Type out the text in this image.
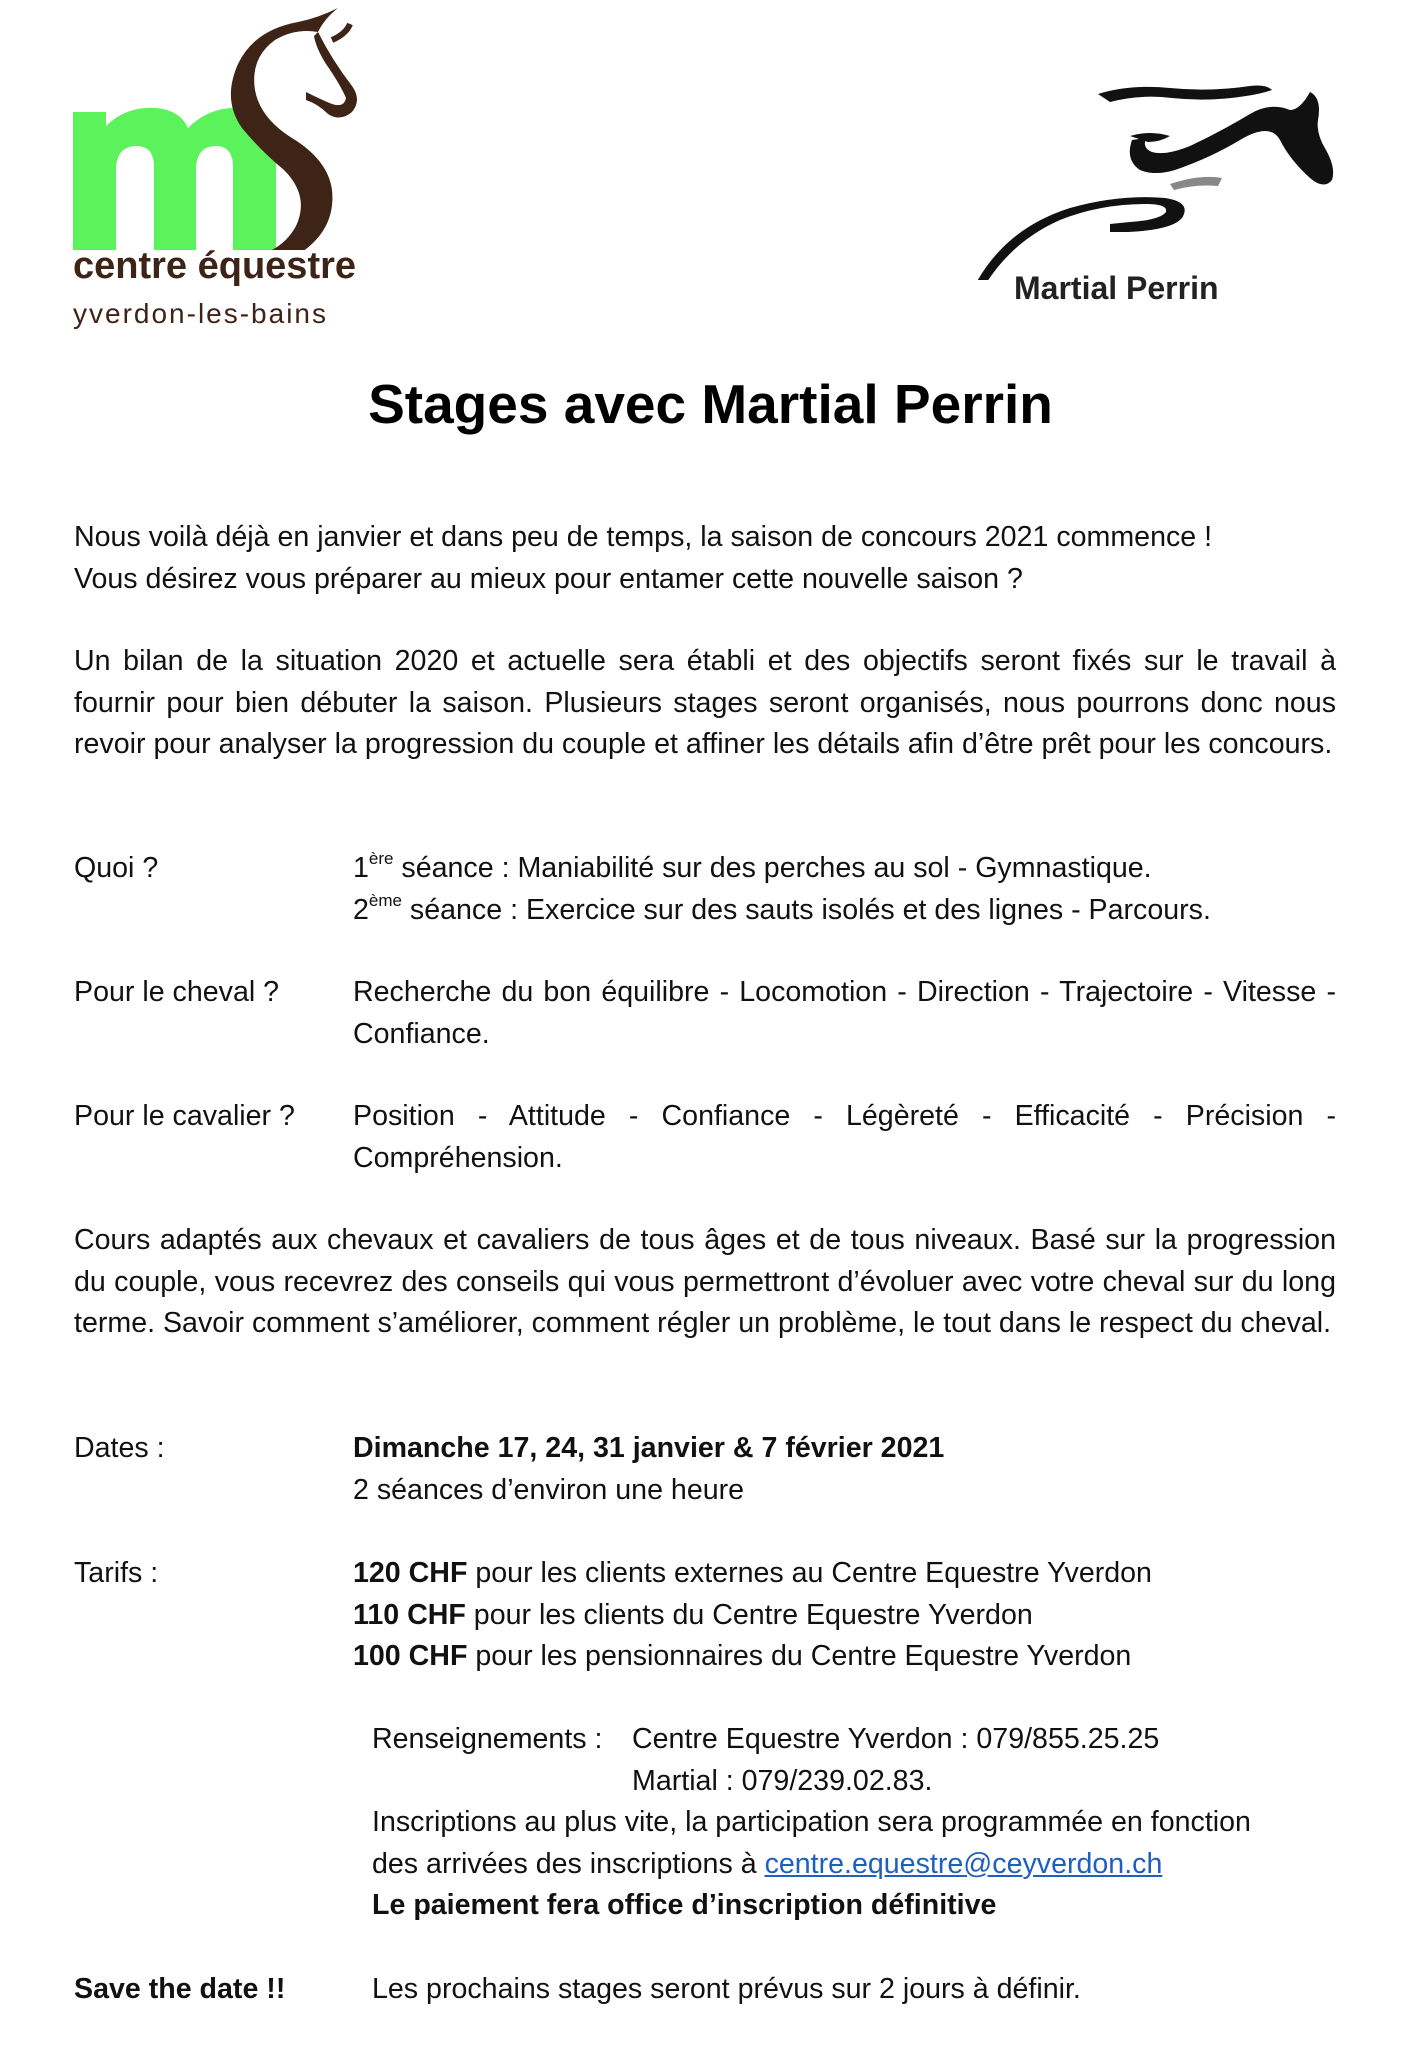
centre équestre
yverdon-les-bains
Martial Perrin
Stages avec Martial Perrin
Nous voilà déjà en janvier et dans peu de temps, la saison de concours 2021 commence !
Vous désirez vous préparer au mieux pour entamer cette nouvelle saison ?
Un bilan de la situation 2020 et actuelle sera établi et des objectifs seront fixés sur le travail à fournir pour bien débuter la saison. Plusieurs stages seront organisés, nous pourrons donc nous revoir pour analyser la progression du couple et affiner les détails afin d’être prêt pour les concours.
Quoi ?	1ère séance : Maniabilité sur des perches au sol - Gymnastique.
2ème séance : Exercice sur des sauts isolés et des lignes - Parcours.
Pour le cheval ?	Recherche du bon équilibre - Locomotion - Direction - Trajectoire - Vitesse - Confiance.
Pour le cavalier ? Position - Attitude - Confiance - Légèreté - Efficacité - Précision - Compréhension.
Cours adaptés aux chevaux et cavaliers de tous âges et de tous niveaux. Basé sur la progression du couple, vous recevrez des conseils qui vous permettront d’évoluer avec votre cheval sur du long terme. Savoir comment s’améliorer, comment régler un problème, le tout dans le respect du cheval.
Dates :	Dimanche 17, 24, 31 janvier & 7 février 2021
2 séances d’environ une heure
Tarifs :	120 CHF pour les clients externes au Centre Equestre Yverdon
110 CHF pour les clients du Centre Equestre Yverdon
100 CHF pour les pensionnaires du Centre Equestre Yverdon
Renseignements : Centre Equestre Yverdon : 079/855.25.25
Martial : 079/239.02.83.
Inscriptions au plus vite, la participation sera programmée en fonction
des arrivées des inscriptions à centre.equestre@ceyverdon.ch
Le paiement fera office d’inscription définitive
Save the date !!	Les prochains stages seront prévus sur 2 jours à définir.
